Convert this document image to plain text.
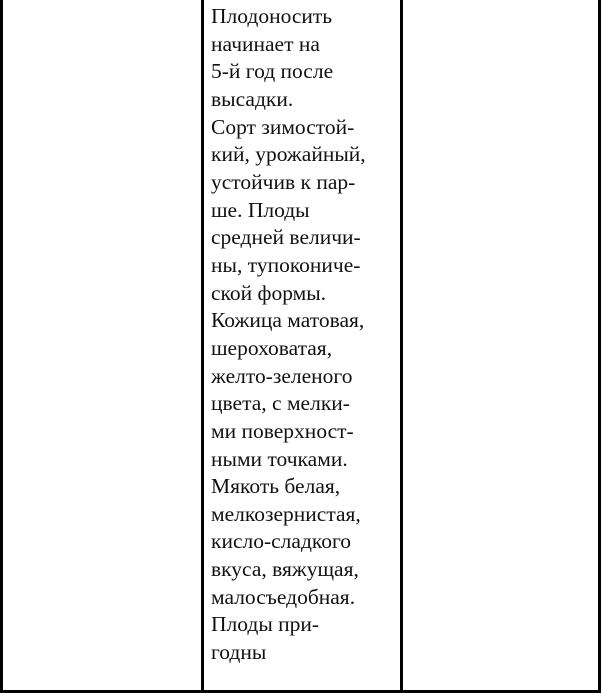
Плодоносить
начинает на
5-й год после
высадки.
Сорт зимостой-
кий, урожайный,
устойчив к пар-
ше. Плоды
средней величи-
ны, тупоконичe-
ской формы.
Кожица матовая,
шероховатая,
желто-зеленого
цвета, с мелки-
ми поверхност-
ными точками.
Мякоть белая,
мелкозернистая,
кисло-сладкого
вкуса, вяжущая,
малосъедобная.
Плоды при-
годны
